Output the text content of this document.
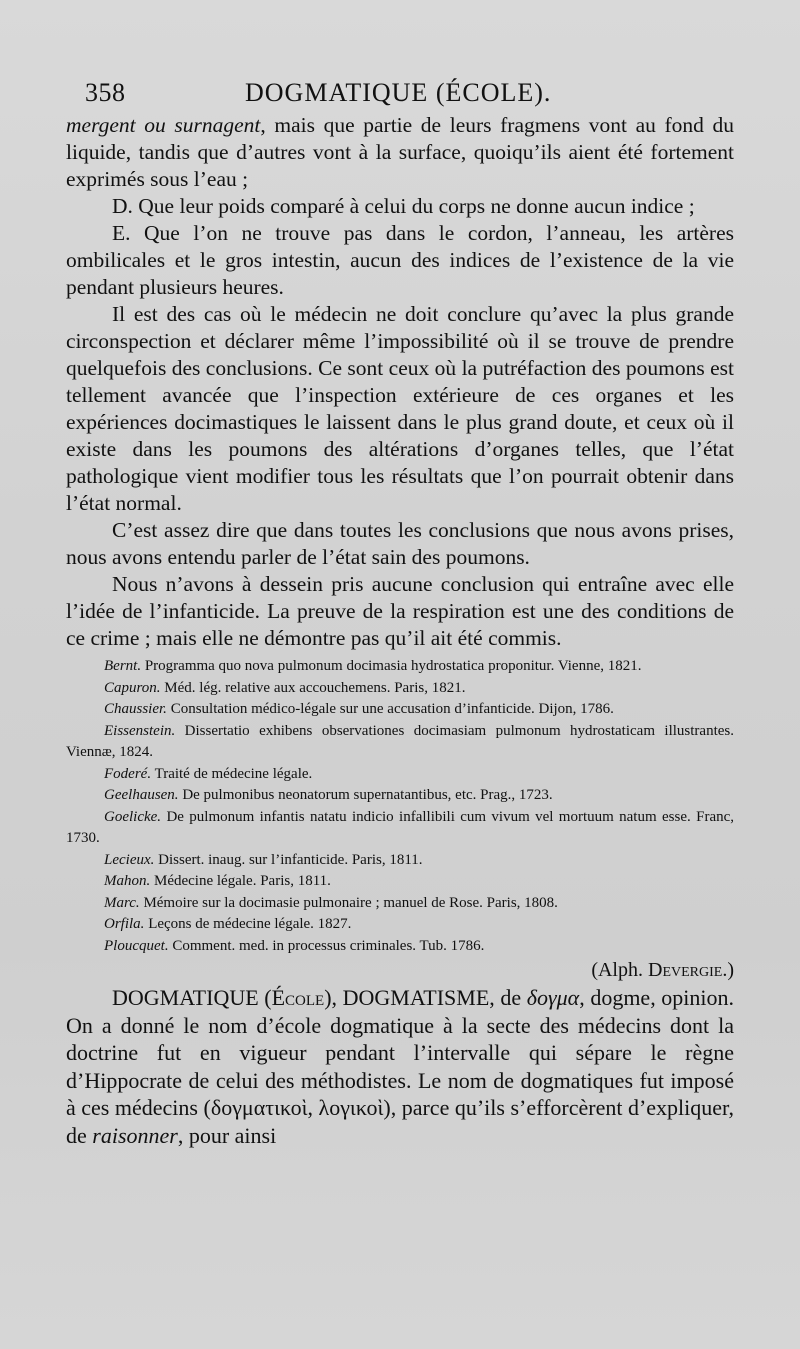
358	DOGMATIQUE (ÉCOLE).

mergent ou surnagent, mais que partie de leurs fragmens vont au fond du liquide, tandis que d’autres vont à la surface, quoiqu’ils aient été fortement exprimés sous l’eau ;

D. Que leur poids comparé à celui du corps ne donne aucun indice ;

E. Que l’on ne trouve pas dans le cordon, l’anneau, les artères ombilicales et le gros intestin, aucun des indices de l’existence de la vie pendant plusieurs heures.

Il est des cas où le médecin ne doit conclure qu’avec la plus grande circonspection et déclarer même l’impossibilité où il se trouve de prendre quelquefois des conclusions. Ce sont ceux où la putréfaction des poumons est tellement avancée que l’inspection extérieure de ces organes et les expériences docimastiques le laissent dans le plus grand doute, et ceux où il existe dans les poumons des altérations d’organes telles, que l’état pathologique vient modifier tous les résultats que l’on pourrait obtenir dans l’état normal.

C’est assez dire que dans toutes les conclusions que nous avons prises, nous avons entendu parler de l’état sain des poumons.

Nous n’avons à dessein pris aucune conclusion qui entraîne avec elle l’idée de l’infanticide. La preuve de la respiration est une des conditions de ce crime ; mais elle ne démontre pas qu’il ait été commis.

Bernt. Programma quo nova pulmonum docimasia hydrostatica proponitur. Vienne, 1821.

Capuron. Méd. lég. relative aux accouchemens. Paris, 1821.

Chaussier. Consultation médico-légale sur une accusation d’infanticide. Dijon, 1786.

Eissenstein. Dissertatio exhibens observationes docimasiam pulmonum hydrostaticam illustrantes. Viennæ, 1824.

Foderé. Traité de médecine légale.

Geelhausen. De pulmonibus neonatorum supernatantibus, etc. Prag., 1723.

Goelicke. De pulmonum infantis natatu indicio infallibili cum vivum vel mortuum natum esse. Franc, 1730.

Lecieux. Dissert. inaug. sur l’infanticide. Paris, 1811.

Mahon. Médecine légale. Paris, 1811.

Marc. Mémoire sur la docimasie pulmonaire ; manuel de Rose. Paris, 1808.

Orfila. Leçons de médecine légale. 1827.

Ploucquet. Comment. med. in processus criminales. Tub. 1786.

(Alph. Devergie.)

DOGMATIQUE (École), DOGMATISME, de δογμα, dogme, opinion. On a donné le nom d’école dogmatique à la secte des médecins dont la doctrine fut en vigueur pendant l’intervalle qui sépare le règne d’Hippocrate de celui des méthodistes. Le nom de dogmatiques fut imposé à ces médecins (δογματικοὶ, λογικοὶ), parce qu’ils s’efforcèrent d’expliquer, de raisonner, pour ainsi
